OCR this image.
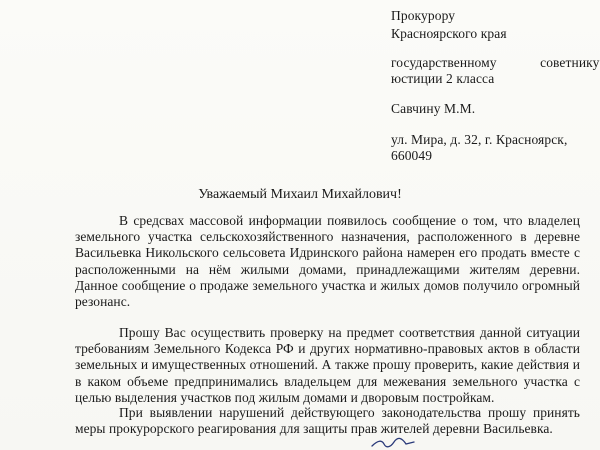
Прокурору
Красноярского края
государственному советнику
юстиции 2 класса
Савчину М.М.
ул. Мира, д. 32, г. Красноярск,
660049
Уважаемый Михаил Михайлович!
В средсвах массовой информации появилось сообщение о том, что владелец земельного участка сельскохозяйственного назначения, расположенного в деревне Васильевка Никольского сельсовета Идринского района намерен его продать вместе с расположенными на нём жилыми домами, принадлежащими жителям деревни. Данное сообщение о продаже земельного участка и жилых домов получило огромный резонанс.
Прошу Вас осуществить проверку на предмет соответствия данной ситуации требованиям Земельного Кодекса РФ и других нормативно-правовых актов в области земельных и имущественных отношений. А также прошу проверить, какие действия и в каком объеме предпринимались владельцем для межевания земельного участка с целью выделения участков под жилым домами и дворовым постройкам.
При выявлении нарушений действующего законодательства прошу принять меры прокурорского реагирования для защиты прав жителей деревни Васильевка.
